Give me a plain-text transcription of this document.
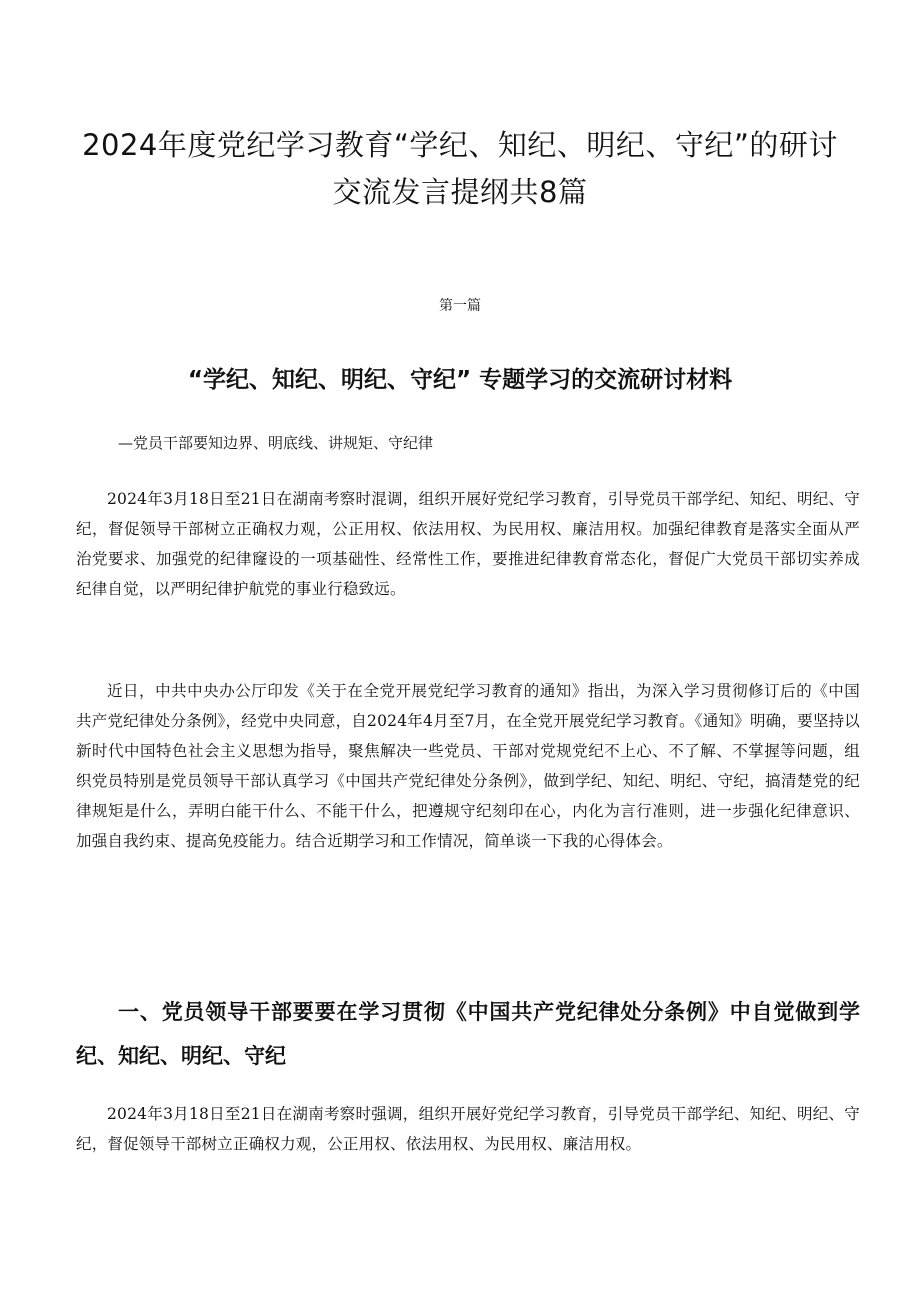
2024年度党纪学习教育“学纪、知纪、明纪、守纪”的研讨交流发言提纲共8篇
第一篇
“学纪、知纪、明纪、守纪” 专题学习的交流研讨材料
—党员干部要知边界、明底线、讲规矩、守纪律

2024年3月18日至21日在湖南考察时混调，组织开展好党纪学习教育，引导党员干部学纪、知纪、明纪、守纪，督促领导干部树立正确权力观，公正用权、依法用权、为民用权、廉洁用权。加强纪律教育是落实全面从严治党要求、加强党的纪律窿设的一项基础性、经常性工作，要推进纪律教育常态化，督促广大党员干部切实养成纪律自觉，以严明纪律护航党的事业行稳致远。

近日，中共中央办公厅印发《关于在全党开展党纪学习教育的通知》指出，为深入学习贯彻修订后的《中国共产党纪律处分条例》，经党中央同意，自2024年4月至7月，在全党开展党纪学习教育。《通知》明确，要坚持以新时代中国特色社会主义思想为指导，聚焦解决一些党员、干部对党规党纪不上心、不了解、不掌握等问题，组织党员特别是党员领导干部认真学习《中国共产党纪律处分条例》，做到学纪、知纪、明纪、守纪，搞清楚党的纪律规矩是什么，弄明白能干什么、不能干什么，把遵规守纪刻印在心，内化为言行准则，进一步强化纪律意识、加强自我约束、提高免疫能力。结合近期学习和工作情况，简单谈一下我的心得体会。

一、党员领导干部要要在学习贯彻《中国共产党纪律处分条例》中自觉做到学纪、知纪、明纪、守纪

2024年3月18日至21日在湖南考察时强调，组织开展好党纪学习教育，引导党员干部学纪、知纪、明纪、守纪，督促领导干部树立正确权力观，公正用权、依法用权、为民用权、廉洁用权。
